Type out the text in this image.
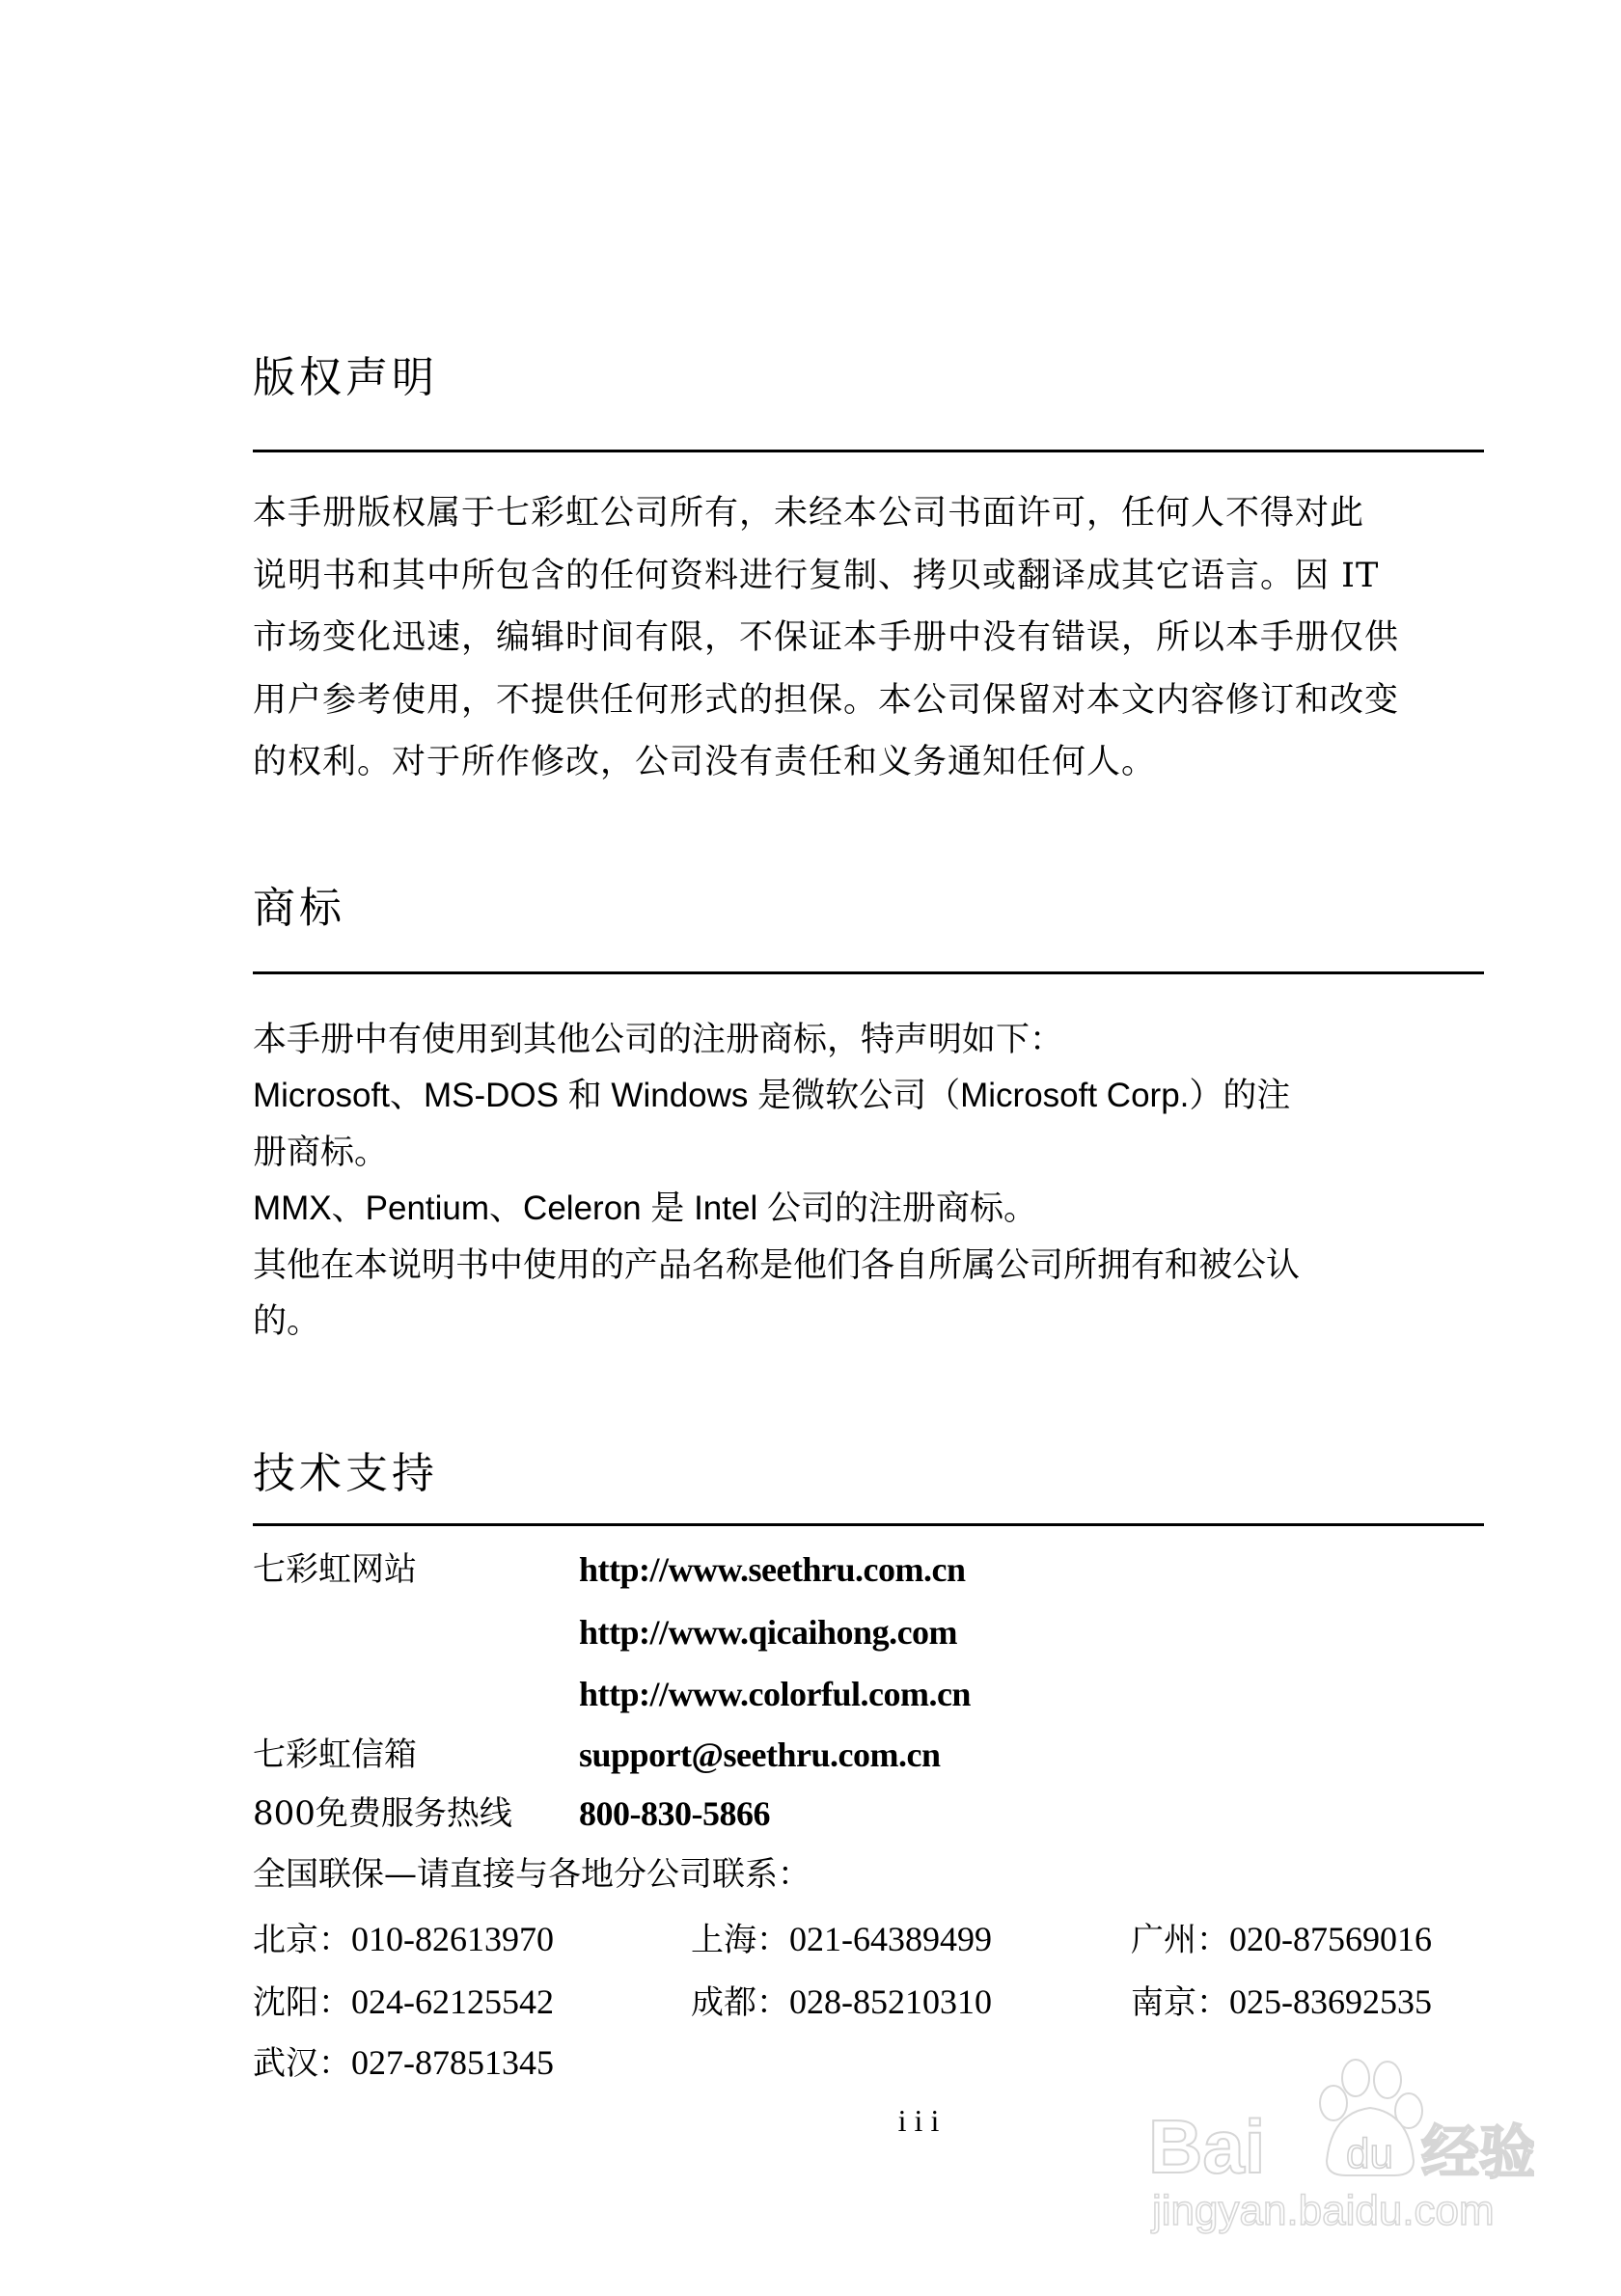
版权声明
本手册版权属于七彩虹公司所有，未经本公司书面许可，任何人不得对此
说明书和其中所包含的任何资料进行复制、拷贝或翻译成其它语言。因 IT
市场变化迅速，编辑时间有限，不保证本手册中没有错误，所以本手册仅供
用户参考使用，不提供任何形式的担保。本公司保留对本文内容修订和改变
的权利。对于所作修改，公司没有责任和义务通知任何人。
商标
本手册中有使用到其他公司的注册商标，特声明如下：
Microsoft、MS-DOS 和 Windows 是微软公司（Microsoft Corp.）的注
册商标。
MMX、Pentium、Celeron 是 Intel 公司的注册商标。
其他在本说明书中使用的产品名称是他们各自所属公司所拥有和被公认
的。
技术支持
七彩虹网站	http://www.seethru.com.cn
http://www.qicaihong.com
http://www.colorful.com.cn
七彩虹信箱	support@seethru.com.cn
800免费服务热线 800-830-5866
全国联保—请直接与各地分公司联系：
北京：010-82613970	上海：021-64389499	广州：020-87569016
沈阳：024-62125542	成都：028-85210310	南京：025-83692535
武汉：027-87851345
iii	Bai du 经验
jingyan.baidu.com
